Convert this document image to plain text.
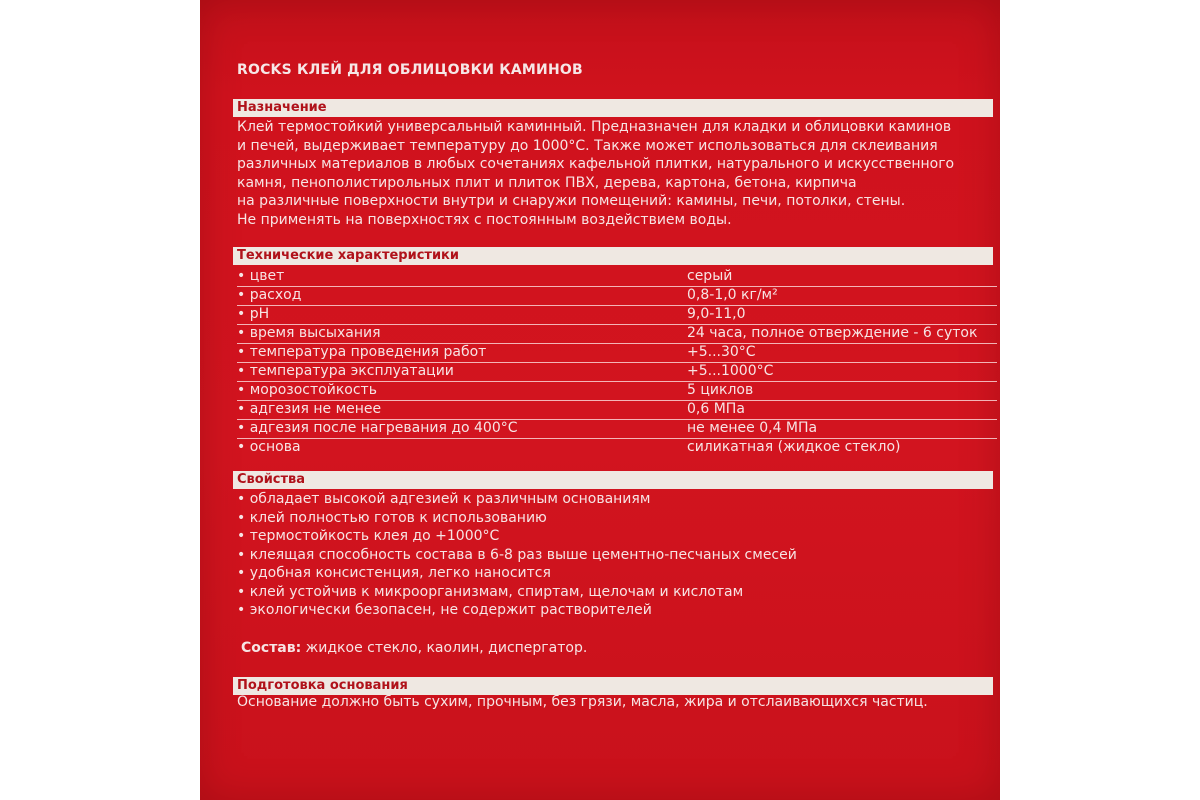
ROCKS КЛЕЙ ДЛЯ ОБЛИЦОВКИ КАМИНОВ
Назначение
Клей термостойкий универсальный каминный. Предназначен для кладки и облицовки каминов
и печей, выдерживает температуру до 1000°С. Также может использоваться для склеивания
различных материалов в любых сочетаниях кафельной плитки, натурального и искусственного
камня, пенополистирольных плит и плиток ПВХ, дерева, картона, бетона, кирпича
на различные поверхности внутри и снаружи помещений: камины, печи, потолки, стены.
Не применять на поверхностях с постоянным воздействием воды.
Технические характеристики
• цвет	серый
• расход	0,8-1,0 кг/м²
• рН	9,0-11,0
• время высыхания	24 часа, полное отверждение - 6 суток
• температура проведения работ	+5...30°С
• температура эксплуатации	+5...1000°С
• морозостойкость	5 циклов
• адгезия не менее	0,6 МПа
• адгезия после нагревания до 400°С	не менее 0,4 МПа
• основа	силикатная (жидкое стекло)
Свойства
• обладает высокой адгезией к различным основаниям
• клей полностью готов к использованию
• термостойкость клея до +1000°С
• клеящая способность состава в 6-8 раз выше цементно-песчаных смесей
• удобная консистенция, легко наносится
• клей устойчив к микроорганизмам, спиртам, щелочам и кислотам
• экологически безопасен, не содержит растворителей
Состав: жидкое стекло, каолин, диспергатор.
Подготовка основания
Основание должно быть сухим, прочным, без грязи, масла, жира и отслаивающихся частиц.
